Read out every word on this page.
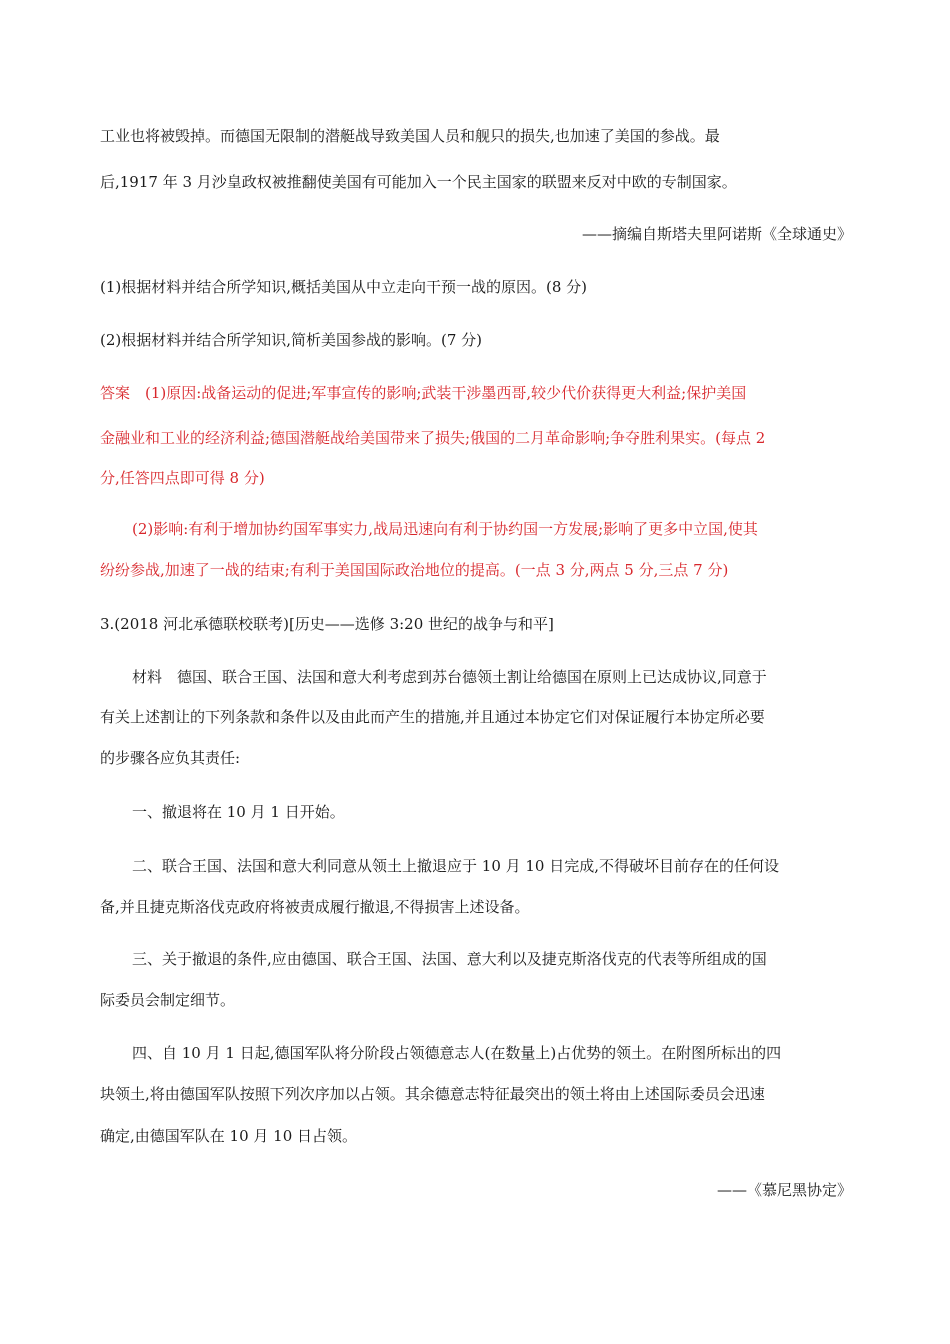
工业也将被毁掉。而德国无限制的潜艇战导致美国人员和舰只的损失,也加速了美国的参战。最
后,1917 年 3 月沙皇政权被推翻使美国有可能加入一个民主国家的联盟来反对中欧的专制国家。
——摘编自斯塔夫里阿诺斯《全球通史》
(1)根据材料并结合所学知识,概括美国从中立走向干预一战的原因。(8 分)
(2)根据材料并结合所学知识,简析美国参战的影响。(7 分)
答案　(1)原因:战备运动的促进;军事宣传的影响;武装干涉墨西哥,较少代价获得更大利益;保护美国
金融业和工业的经济利益;德国潜艇战给美国带来了损失;俄国的二月革命影响;争夺胜利果实。(每点 2
分,任答四点即可得 8 分)
(2)影响:有利于增加协约国军事实力,战局迅速向有利于协约国一方发展;影响了更多中立国,使其
纷纷参战,加速了一战的结束;有利于美国国际政治地位的提高。(一点 3 分,两点 5 分,三点 7 分)
3.(2018 河北承德联校联考)[历史——选修 3:20 世纪的战争与和平]
材料　德国、联合王国、法国和意大利考虑到苏台德领土割让给德国在原则上已达成协议,同意于
有关上述割让的下列条款和条件以及由此而产生的措施,并且通过本协定它们对保证履行本协定所必要
的步骤各应负其责任:
一、撤退将在 10 月 1 日开始。
二、联合王国、法国和意大利同意从领土上撤退应于 10 月 10 日完成,不得破坏目前存在的任何设
备,并且捷克斯洛伐克政府将被责成履行撤退,不得损害上述设备。
三、关于撤退的条件,应由德国、联合王国、法国、意大利以及捷克斯洛伐克的代表等所组成的国
际委员会制定细节。
四、自 10 月 1 日起,德国军队将分阶段占领德意志人(在数量上)占优势的领土。在附图所标出的四
块领土,将由德国军队按照下列次序加以占领。其余德意志特征最突出的领土将由上述国际委员会迅速
确定,由德国军队在 10 月 10 日占领。
——《慕尼黑协定》
